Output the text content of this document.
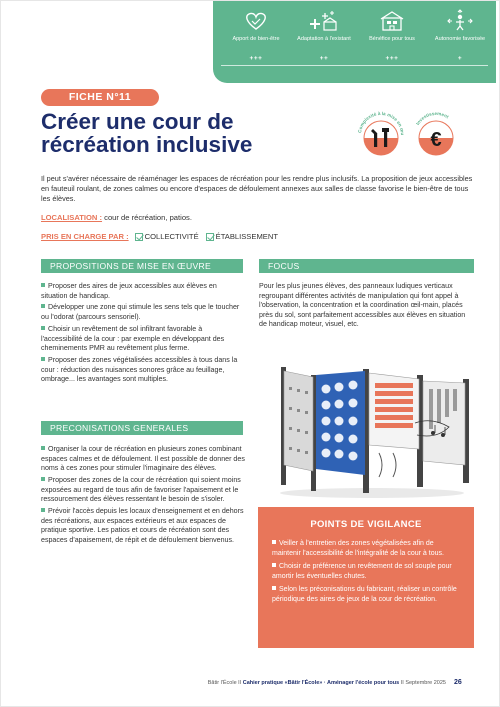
Apport de bien-être
+++
Adaptation à l'existant
++
Bénéfice pour tous
+++
Autonomie favorisée
+
FICHE N°11
Créer une cour de récréation inclusive
Complexité à la mise en œu
Investissement
€
Il peut s'avérer nécessaire de réaménager les espaces de récréation pour les rendre plus inclusifs. La proposition de jeux accessibles en fauteuil roulant, de zones calmes ou encore d'espaces de défoulement annexes aux salles de classe favorise le bien-être de tous les élèves.
LOCALISATION : cour de récréation, patios.
PRIS EN CHARGE PAR : COLLECTIVITÉ ÉTABLISSEMENT
PROPOSITIONS DE MISE EN ŒUVRE
Proposer des aires de jeux accessibles aux élèves en situation de handicap.
Développer une zone qui stimule les sens tels que le toucher ou l'odorat (parcours sensoriel).
Choisir un revêtement de sol infiltrant favorable à l'accessibilité de la cour : par exemple en développant des cheminements PMR au revêtement plus ferme.
Proposer des zones végétalisées accessibles à tous dans la cour : réduction des nuisances sonores grâce au feuillage, ombrage... les avantages sont multiples.
FOCUS
Pour les plus jeunes élèves, des panneaux ludiques verticaux regroupant différentes activités de manipulation qui font appel à l'observation, la concentration et la coordination œil-main, placés près du sol, sont parfaitement accessibles aux élèves en situation de handicap moteur, visuel, etc.
PRECONISATIONS GENERALES
Organiser la cour de récréation en plusieurs zones combinant espaces calmes et de défoulement. Il est possible de donner des noms à ces zones pour stimuler l'imaginaire des élèves.
Proposer des zones de la cour de récréation qui soient moins exposées au regard de tous afin de favoriser l'apaisement et le ressourcement des élèves ressentant le besoin de s'isoler.
Prévoir l'accès depuis les locaux d'enseignement et en dehors des récréations, aux espaces extérieurs et aux espaces de pratique sportive. Les patios et cours de récréation sont des espaces d'apaisement, de répit et de défoulement bienvenus.
POINTS DE VIGILANCE
Veiller à l'entretien des zones végétalisées afin de maintenir l'accessibilité de l'intégralité de la cour à tous.
Choisir de préférence un revêtement de sol souple pour amortir les éventuelles chutes.
Selon les préconisations du fabricant, réaliser un contrôle périodique des aires de jeux de la cour de récréation.
Bâtir l'École II Cahier pratique «Bâtir l'École» · Aménager l'école pour tous II Septembre 2025 26
